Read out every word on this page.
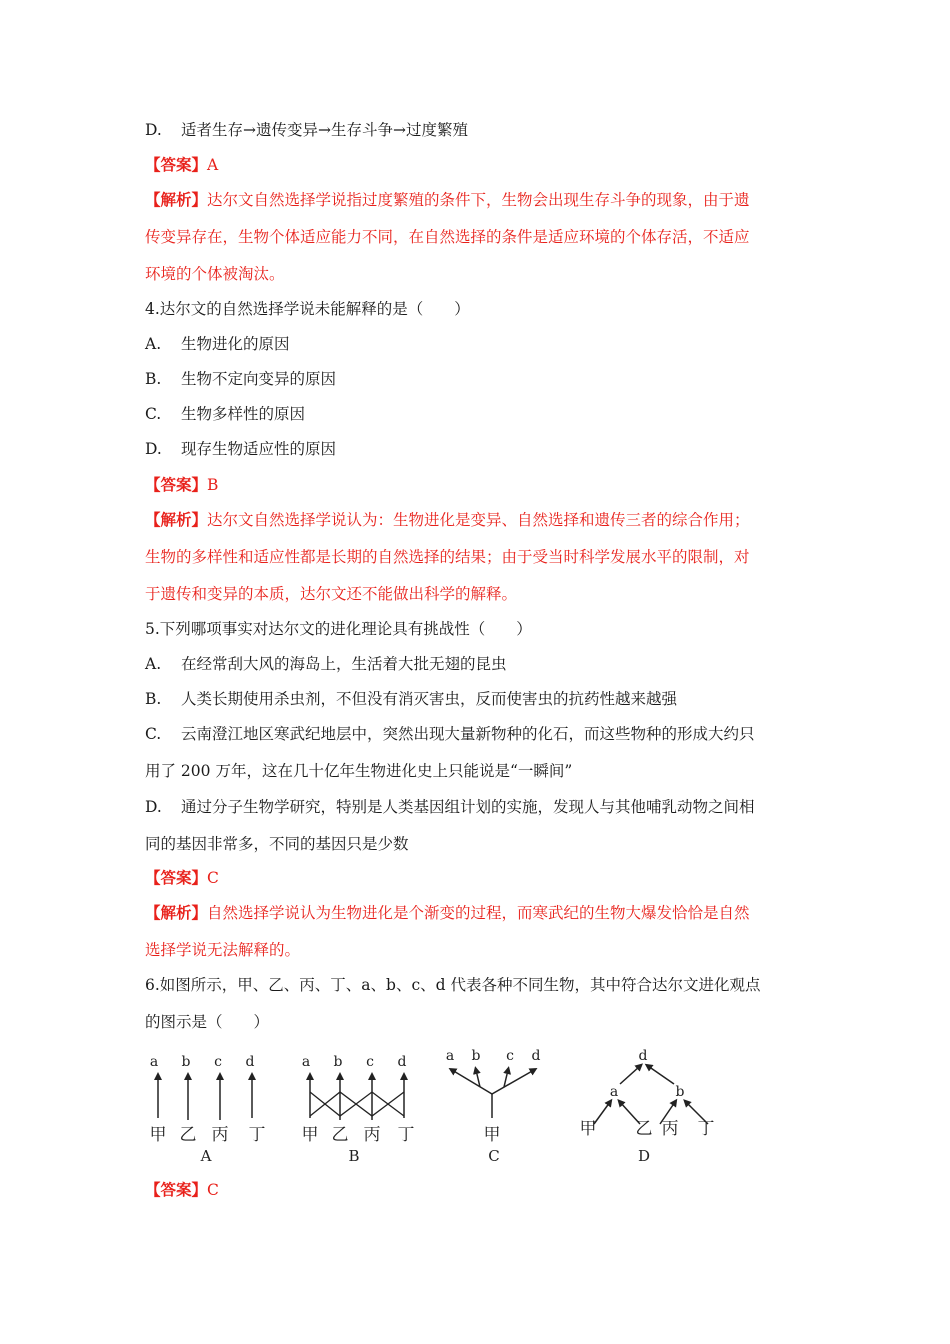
D. 适者生存→遗传变异→生存斗争→过度繁殖
【答案】A
【解析】达尔文自然选择学说指过度繁殖的条件下，生物会出现生存斗争的现象，由于遗
传变异存在，生物个体适应能力不同，在自然选择的条件是适应环境的个体存活，不适应
环境的个体被淘汰。
4.达尔文的自然选择学说未能解释的是（　　）
A. 生物进化的原因
B. 生物不定向变异的原因
C. 生物多样性的原因
D. 现存生物适应性的原因
【答案】B
【解析】达尔文自然选择学说认为：生物进化是变异、自然选择和遗传三者的综合作用；
生物的多样性和适应性都是长期的自然选择的结果；由于受当时科学发展水平的限制，对
于遗传和变异的本质，达尔文还不能做出科学的解释。
5.下列哪项事实对达尔文的进化理论具有挑战性（　　）
A. 在经常刮大风的海岛上，生活着大批无翅的昆虫
B. 人类长期使用杀虫剂，不但没有消灭害虫，反而使害虫的抗药性越来越强
C. 云南澄江地区寒武纪地层中，突然出现大量新物种的化石，而这些物种的形成大约只
用了 200 万年，这在几十亿年生物进化史上只能说是“一瞬间”
D. 通过分子生物学研究，特别是人类基因组计划的实施，发现人与其他哺乳动物之间相
同的基因非常多，不同的基因只是少数
【答案】C
【解析】自然选择学说认为生物进化是个渐变的过程，而寒武纪的生物大爆发恰恰是自然
选择学说无法解释的。
6.如图所示，甲、乙、丙、丁、a、b、c、d 代表各种不同生物，其中符合达尔文进化观点
的图示是（　　）
a b c d
甲 乙 丙 丁
A
a b c d
甲 乙 丙 丁
B
a b c d
甲
C
d
a	b
甲 乙 丙 丁
D
【答案】C
